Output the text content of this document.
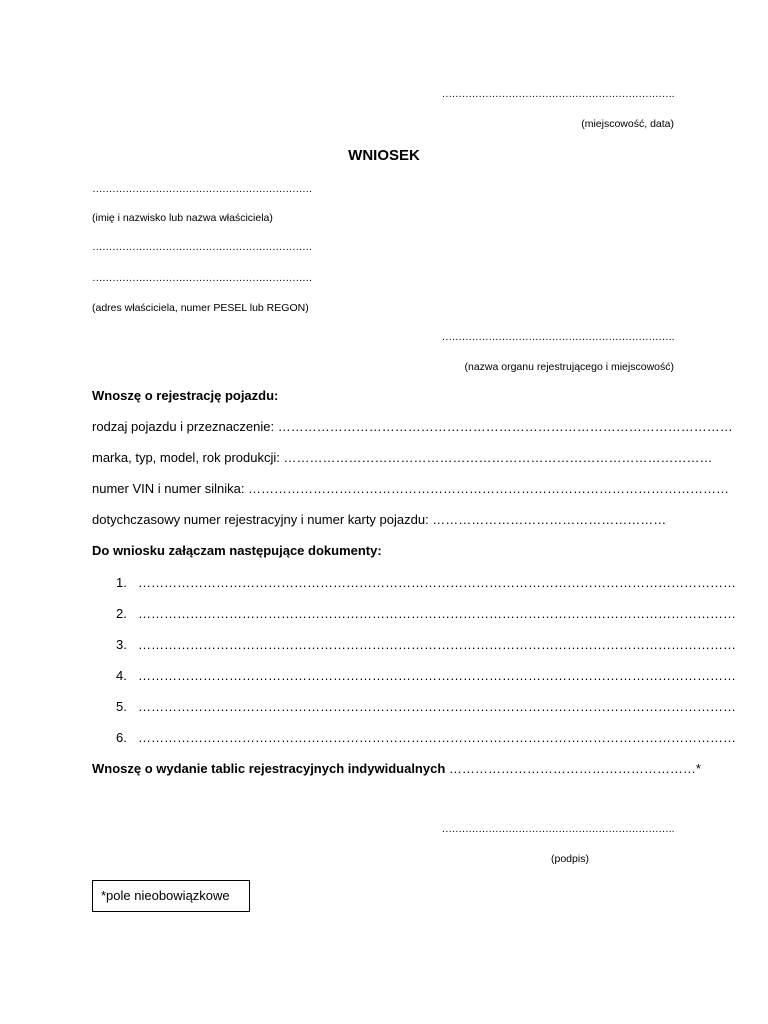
…………………………………………………………….
(miejscowość, data)
WNIOSEK
…………………………………………………………
(imię i nazwisko lub nazwa właściciela)
…………………………………………………………
…………………………………………………………
(adres właściciela, numer PESEL lub REGON)
…………………………………………………………….
(nazwa organu rejestrującego i miejscowość)
Wnoszę o rejestrację pojazdu:
rodzaj pojazdu i przeznaczenie: ……………………………………………………………………………………………
marka, typ, model, rok produkcji: ………………………………………………………………………………………
numer VIN i numer silnika: …………………………………………………………………………………………………
dotychczasowy numer rejestracyjny i numer karty pojazdu: ………………………………………………
Do wniosku załączam następujące dokumenty:
1. …………………………………………………………………………………………………………………………
2. …………………………………………………………………………………………………………………………
3. …………………………………………………………………………………………………………………………
4. …………………………………………………………………………………………………………………………
5. …………………………………………………………………………………………………………………………
6. …………………………………………………………………………………………………………………………
Wnoszę o wydanie tablic rejestracyjnych indywidualnych …………………………………………………*
…………………………………………………………….
(podpis)
*pole nieobowiązkowe
